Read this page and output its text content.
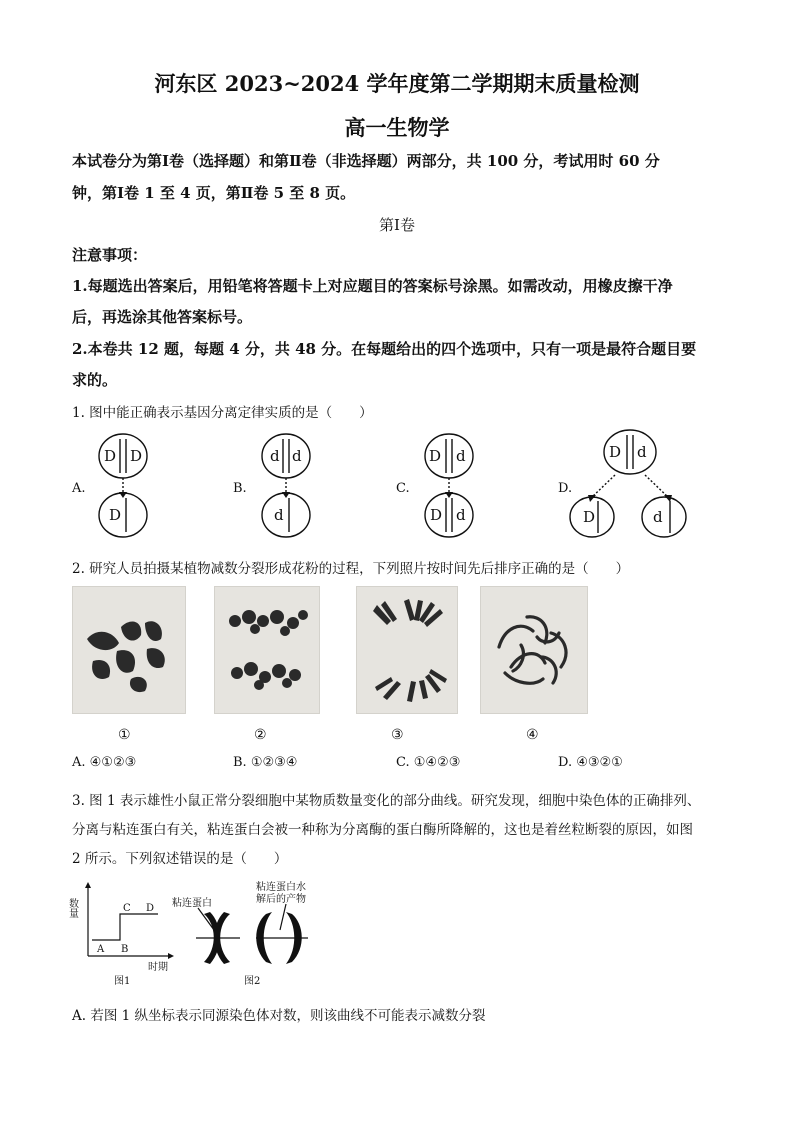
河东区 2023~2024 学年度第二学期期末质量检测
高一生物学
本试卷分为第Ⅰ卷（选择题）和第Ⅱ卷（非选择题）两部分，共 100 分，考试用时 60 分
钟，第Ⅰ卷 1 至 4 页，第Ⅱ卷 5 至 8 页。
第Ⅰ卷
注意事项：
1.每题选出答案后，用铅笔将答题卡上对应题目的答案标号涂黑。如需改动，用橡皮擦干净
后，再选涂其他答案标号。
2.本卷共 12 题，每题 4 分，共 48 分。在每题给出的四个选项中，只有一项是最符合题目要
求的。
1. 图中能正确表示基因分离定律实质的是（　　）
D D
D
d d
d
D d
D d
D d
D	d
A.	B.	C.	D.
2. 研究人员拍摄某植物减数分裂形成花粉的过程，下列照片按时间先后排序正确的是（　　）
①	②	③	④
A. ④①②③	B. ①②③④	C. ①④②③	D. ④③②①
3. 图 1 表示雄性小鼠正常分裂细胞中某物质数量变化的部分曲线。研究发现，细胞中染色体的正确排列、
分离与粘连蛋白有关，粘连蛋白会被一种称为分离酶的蛋白酶所降解的，这也是着丝粒断裂的原因，如图
2 所示。下列叙述错误的是（　　）
数量
时期
A B
C D
图1
粘连蛋白
粘连蛋白水
解后的产物
图2
A. 若图 1 纵坐标表示同源染色体对数，则该曲线不可能表示减数分裂
